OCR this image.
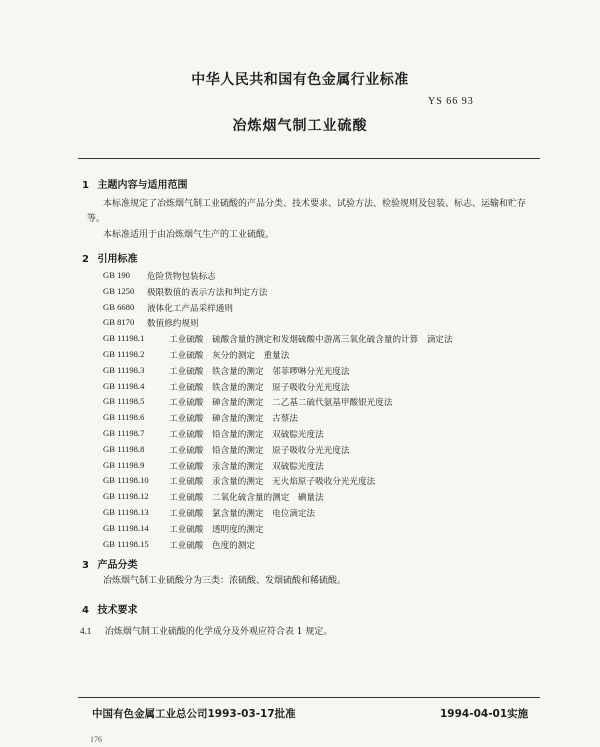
中华人民共和国有色金属行业标准
YS 66 93
冶炼烟气制工业硫酸
1 主题内容与适用范围
本标准规定了冶炼烟气制工业硫酸的产品分类、技术要求、试验方法、检验规则及包装、标志、运输和贮存等。
本标准适用于由冶炼烟气生产的工业硫酸。
2 引用标准
GB 190 危险货物包装标志
GB 1250 极限数值的表示方法和判定方法
GB 6680 液体化工产品采样通则
GB 8170 数值修约规则
GB 11198.1	工业硫酸　硫酸含量的测定和发烟硫酸中游离三氧化硫含量的计算　滴定法
GB 11198.2	工业硫酸　灰分的测定　重量法
GB 11198.3	工业硫酸　铁含量的测定　邻菲啰啉分光光度法
GB 11198.4	工业硫酸　铁含量的测定　原子吸收分光光度法
GB 11198.5	工业硫酸　砷含量的测定　二乙基二硫代氨基甲酸银光度法
GB 11198.6	工业硫酸　砷含量的测定　古蔡法
GB 11198.7	工业硫酸　铅含量的测定　双硫腙光度法
GB 11198.8	工业硫酸　铅含量的测定　原子吸收分光光度法
GB 11198.9	工业硫酸　汞含量的测定　双硫腙光度法
GB 11198.10 工业硫酸　汞含量的测定　无火焰原子吸收分光光度法
GB 11198.12 工业硫酸　二氧化硫含量的测定　碘量法
GB 11198.13 工业硫酸　氯含量的测定　电位滴定法
GB 11198.14 工业硫酸　透明度的测定
GB 11198.15 工业硫酸　色度的测定
3 产品分类
冶炼烟气制工业硫酸分为三类：浓硫酸、发烟硫酸和稀硫酸。
4 技术要求
4.1 冶炼烟气制工业硫酸的化学成分及外观应符合表 1 规定。
中国有色金属工业总公司1993-03-17批准	1994-04-01实施
176
